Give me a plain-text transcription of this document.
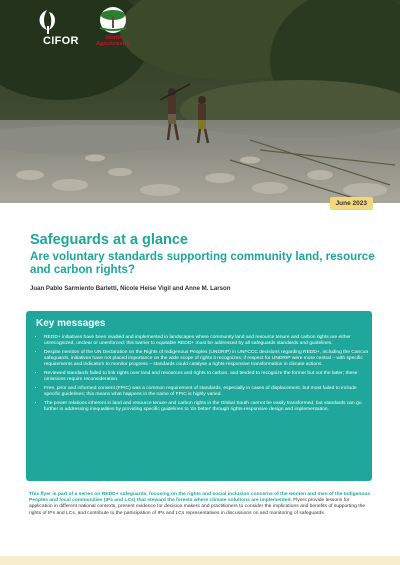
CIFOR	World
Agroforestry
June 2023
Safeguards at a glance
Are voluntary standards supporting community land, resource and carbon rights?
Juan Pablo Sarmiento Barletti, Nicole Heise Vigil and Anne M. Larson
Key messages
• REDD+ initiatives have been readied and implemented in landscapes where community land and resource tenure and carbon rights are either unrecognized, unclear or unenforced; this barrier to equitable REDD+ must be addressed by all safeguards standards and guidelines.
• Despite mention of the UN Declaration on the Rights of Indigenous Peoples (UNDRIP) in UNFCCC decisions regarding REDD+, including the Cancun safeguards, initiatives have not placed importance on the wide scope of rights it recognizes; if respect for UNDRIP were more central – with specific requirements and indicators to monitor progress – standards could catalyse a rights-responsive transformation in climate actions.
• Reviewed standards failed to link rights over land and resources and rights to carbon, and tended to recognize the former but not the latter; these omissions require reconsideration.
• Free, prior and informed consent (FPIC) was a common requirement of standards, especially in cases of displacement, but most failed to include specific guidelines; this means what happens in the name of FPIC is highly varied.
• The power relations inherent in land and resource tenure and carbon rights in the Global South cannot be easily transformed, but standards can go further in addressing inequalities by providing specific guidelines to 'do better' through rights-responsive design and implementation.
This flyer is part of a series on REDD+ safeguards, focusing on the rights and social inclusion concerns of the women and men of the Indigenous Peoples and local communities (IPs and LCs) that steward the forests where climate solutions are implemented. Flyers provide lessons for application in different national contexts, present evidence for decision makers and practitioners to consider the implications and benefits of supporting the rights of IPs and LCs, and contribute to the participation of IPs and LCs representatives in discussions on and monitoring of safeguards.
